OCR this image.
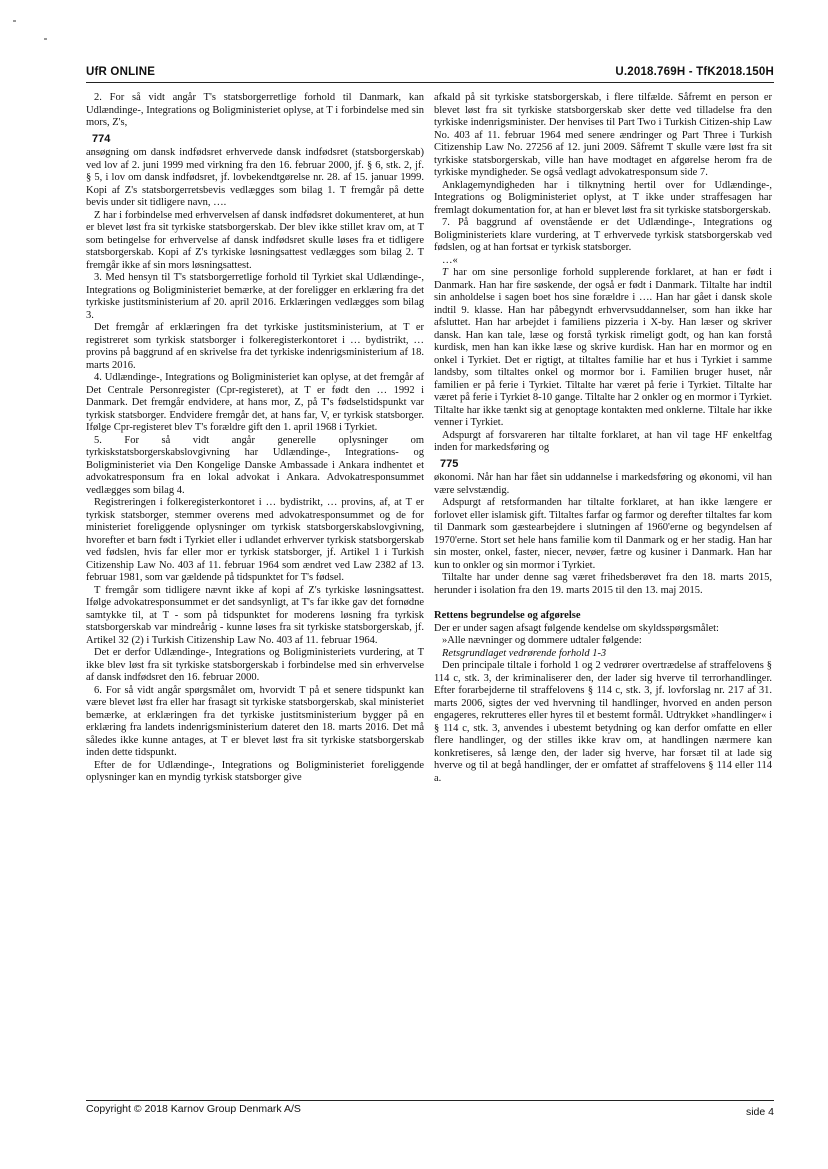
UfR ONLINE	U.2018.769H - TfK2018.150H

2. For så vidt angår T's statsborgerretlige forhold til Danmark, kan Udlændinge-, Integrations og Boligministeriet oplyse, at T i forbindelse med sin mors, Z's,

774

ansøgning om dansk indfødsret erhvervede dansk indfødsret (statsborgerskab) ved lov af 2. juni 1999 med virkning fra den 16. februar 2000, jf. § 6, stk. 2, jf. § 5, i lov om dansk indfødsret, jf. lovbekendtgørelse nr. 28. af 15. januar 1999. Kopi af Z's statsborgerretsbevis vedlægges som bilag 1. T fremgår på dette bevis under sit tidligere navn, ….

Z har i forbindelse med erhvervelsen af dansk indfødsret dokumenteret, at hun er blevet løst fra sit tyrkiske statsborgerskab. Der blev ikke stillet krav om, at T som betingelse for erhvervelse af dansk indfødsret skulle løses fra et tidligere statsborgerskab. Kopi af Z's tyrkiske løsningsattest vedlægges som bilag 2. T fremgår ikke af sin mors løsningsattest.

3. Med hensyn til T's statsborgerretlige forhold til Tyrkiet skal Udlændinge-, Integrations og Boligministeriet bemærke, at der foreligger en erklæring fra det tyrkiske justitsministerium af 20. april 2016. Erklæringen vedlægges som bilag 3.

Det fremgår af erklæringen fra det tyrkiske justitsministerium, at T er registreret som tyrkisk statsborger i folkeregisterkontoret i … bydistrikt, … provins på baggrund af en skrivelse fra det tyrkiske indenrigsministerium af 18. marts 2016.

4. Udlændinge-, Integrations og Boligministeriet kan oplyse, at det fremgår af Det Centrale Personregister (Cpr-registeret), at T er født den … 1992 i Danmark. Det fremgår endvidere, at hans mor, Z, på T's fødselstidspunkt var tyrkisk statsborger. Endvidere fremgår det, at hans far, V, er tyrkisk statsborger. Ifølge Cpr-registeret blev T's forældre gift den 1. april 1968 i Tyrkiet.

5. For så vidt angår generelle oplysninger om tyrkiskstatsborgerskabslovgivning har Udlændinge-, Integrations- og Boligministeriet via Den Kongelige Danske Ambassade i Ankara indhentet et advokatresponsum fra en lokal advokat i Ankara. Advokatresponsummet vedlægges som bilag 4.

Registreringen i folkeregisterkontoret i … bydistrikt, … provins, af, at T er tyrkisk statsborger, stemmer overens med advokatresponsummet og de for ministeriet foreliggende oplysninger om tyrkisk statsborgerskabslovgivning, hvorefter et barn født i Tyrkiet eller i udlandet erhverver tyrkisk statsborgerskab ved fødslen, hvis far eller mor er tyrkisk statsborger, jf. Artikel 1 i Turkish Citizenship Law No. 403 af 11. februar 1964 som ændret ved Law 2382 af 13. februar 1981, som var gældende på tidspunktet for T's fødsel.

T fremgår som tidligere nævnt ikke af kopi af Z's tyrkiske løsningsattest. Ifølge advokatresponsummet er det sandsynligt, at T's far ikke gav det fornødne samtykke til, at T - som på tidspunktet for moderens løsning fra tyrkisk statsborgerskab var mindreårig - kunne løses fra sit tyrkiske statsborgerskab, jf. Artikel 32 (2) i Turkish Citizenship Law No. 403 af 11. februar 1964.

Det er derfor Udlændinge-, Integrations og Boligministeriets vurdering, at T ikke blev løst fra sit tyrkiske statsborgerskab i forbindelse med sin erhvervelse af dansk indfødsret den 16. februar 2000.

6. For så vidt angår spørgsmålet om, hvorvidt T på et senere tidspunkt kan være blevet løst fra eller har frasagt sit tyrkiske statsborgerskab, skal ministeriet bemærke, at erklæringen fra det tyrkiske justitsministerium bygger på en erklæring fra landets indenrigsministerium dateret den 18. marts 2016. Det må således ikke kunne antages, at T er blevet løst fra sit tyrkiske statsborgerskab inden dette tidspunkt.

Efter de for Udlændinge-, Integrations og Boligministeriet foreliggende oplysninger kan en myndig tyrkisk statsborger give

afkald på sit tyrkiske statsborgerskab, i flere tilfælde. Såfremt en person er blevet løst fra sit tyrkiske statsborgerskab sker dette ved tilladelse fra den tyrkiske indenrigsminister. Der henvises til Part Two i Turkish Citizen-ship Law No. 403 af 11. februar 1964 med senere ændringer og Part Three i Turkish Citizenship Law No. 27256 af 12. juni 2009. Såfremt T skulle være løst fra sit tyrkiske statsborgerskab, ville han have modtaget en afgørelse herom fra de tyrkiske myndigheder. Se også vedlagt advokatresponsum side 7.

Anklagemyndigheden har i tilknytning hertil over for Udlændinge-, Integrations og Boligministeriet oplyst, at T ikke under straffesagen har fremlagt dokumentation for, at han er blevet løst fra sit tyrkiske statsborgerskab.

7. På baggrund af ovenstående er det Udlændinge-, Integrations og Boligministeriets klare vurdering, at T erhvervede tyrkisk statsborgerskab ved fødslen, og at han fortsat er tyrkisk statsborger.

…«

T har om sine personlige forhold supplerende forklaret, at han er født i Danmark. Han har fire søskende, der også er født i Danmark. Tiltalte har indtil sin anholdelse i sagen boet hos sine forældre i …. Han har gået i dansk skole indtil 9. klasse. Han har påbegyndt erhvervsuddannelser, som han ikke har afsluttet. Han har arbejdet i familiens pizzeria i X-by. Han læser og skriver dansk. Han kan tale, læse og forstå tyrkisk rimeligt godt, og han kan forstå kurdisk, men han kan ikke læse og skrive kurdisk. Han har en mormor og en onkel i Tyrkiet. Det er rigtigt, at tiltaltes familie har et hus i Tyrkiet i samme landsby, som tiltaltes onkel og mormor bor i. Familien bruger huset, når familien er på ferie i Tyrkiet. Tiltalte har været på ferie i Tyrkiet. Tiltalte har været på ferie i Tyrkiet 8-10 gange. Tiltalte har 2 onkler og en mormor i Tyrkiet. Tiltalte har ikke tænkt sig at genoptage kontakten med onklerne. Tiltale har ikke venner i Tyrkiet.

Adspurgt af forsvareren har tiltalte forklaret, at han vil tage HF enkeltfag inden for markedsføring og

775

økonomi. Når han har fået sin uddannelse i markedsføring og økonomi, vil han være selvstændig.

Adspurgt af retsformanden har tiltalte forklaret, at han ikke længere er forlovet eller islamisk gift. Tiltaltes farfar og farmor og derefter tiltaltes far kom til Danmark som gæstearbejdere i slutningen af 1960'erne og begyndelsen af 1970'erne. Stort set hele hans familie kom til Danmark og er her stadig. Han har sin moster, onkel, faster, niecer, nevøer, fætre og kusiner i Danmark. Han har kun to onkler og sin mormor i Tyrkiet.

Tiltalte har under denne sag været frihedsberøvet fra den 18. marts 2015, herunder i isolation fra den 19. marts 2015 til den 13. maj 2015.

Rettens begrundelse og afgørelse

Der er under sagen afsagt følgende kendelse om skyldsspørgsmålet:

»Alle nævninger og dommere udtaler følgende:

Retsgrundlaget vedrørende forhold 1-3

Den principale tiltale i forhold 1 og 2 vedrører overtrædelse af straffelovens § 114 c, stk. 3, der kriminaliserer den, der lader sig hverve til terrorhandlinger. Efter forarbejderne til straffelovens § 114 c, stk. 3, jf. lovforslag nr. 217 af 31. marts 2006, sigtes der ved hvervning til handlinger, hvorved en anden person engageres, rekrutteres eller hyres til et bestemt formål. Udtrykket »handlinger« i § 114 c, stk. 3, anvendes i ubestemt betydning og kan derfor omfatte en eller flere handlinger, og der stilles ikke krav om, at handlingen nærmere kan konkretiseres, så længe den, der lader sig hverve, har forsæt til at lade sig hverve og til at begå handlinger, der er omfattet af straffelovens § 114 eller 114 a.

Copyright © 2018 Karnov Group Denmark A/S	side 4
